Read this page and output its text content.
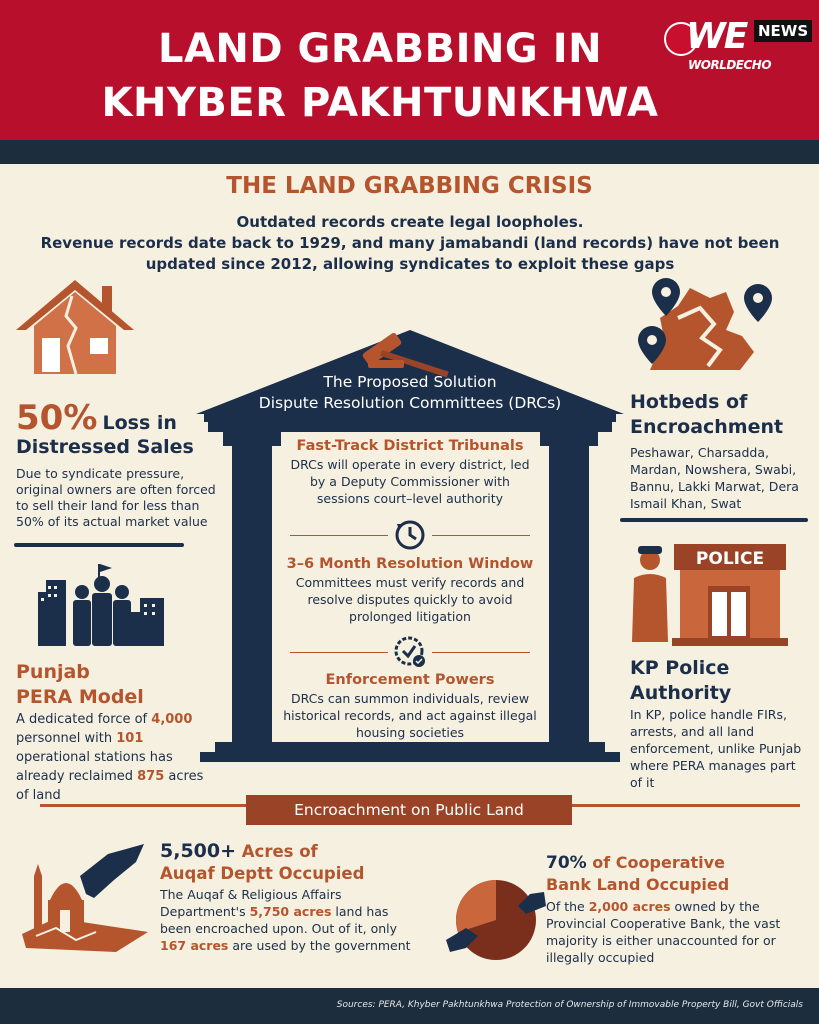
LAND GRABBING IN
KHYBER PAKHTUNKHWA
WE NEWS
WORLDECHO
THE LAND GRABBING CRISIS
Outdated records create legal loopholes.
Revenue records date back to 1929, and many jamabandi (land records) have not been updated since 2012, allowing syndicates to exploit these gaps
50% Loss in
Distressed Sales
Due to syndicate pressure, original owners are often forced to sell their land for less than 50% of its actual market value
Punjab
PERA Model
A dedicated force of 4,000 personnel with 101 operational stations has already reclaimed 875 acres of land
The Proposed Solution
Dispute Resolution Committees (DRCs)
Fast-Track District Tribunals
DRCs will operate in every district, led by a Deputy Commissioner with sessions court–level authority
3–6 Month Resolution Window
Committees must verify records and resolve disputes quickly to avoid prolonged litigation
Enforcement Powers
DRCs can summon individuals, review historical records, and act against illegal housing societies
Hotbeds of
Encroachment
Peshawar, Charsadda, Mardan, Nowshera, Swabi, Bannu, Lakki Marwat, Dera Ismail Khan, Swat
POLICE
KP Police
Authority
In KP, police handle FIRs, arrests, and all land enforcement, unlike Punjab where PERA manages part of it
Encroachment on Public Land
5,500+ Acres of
Auqaf Deptt Occupied
The Auqaf & Religious Affairs Department's 5,750 acres land has been encroached upon. Out of it, only 167 acres are used by the government
70% of Cooperative
Bank Land Occupied
Of the 2,000 acres owned by the Provincial Cooperative Bank, the vast majority is either unaccounted for or illegally occupied
Sources: PERA, Khyber Pakhtunkhwa Protection of Ownership of Immovable Property Bill, Govt Officials
